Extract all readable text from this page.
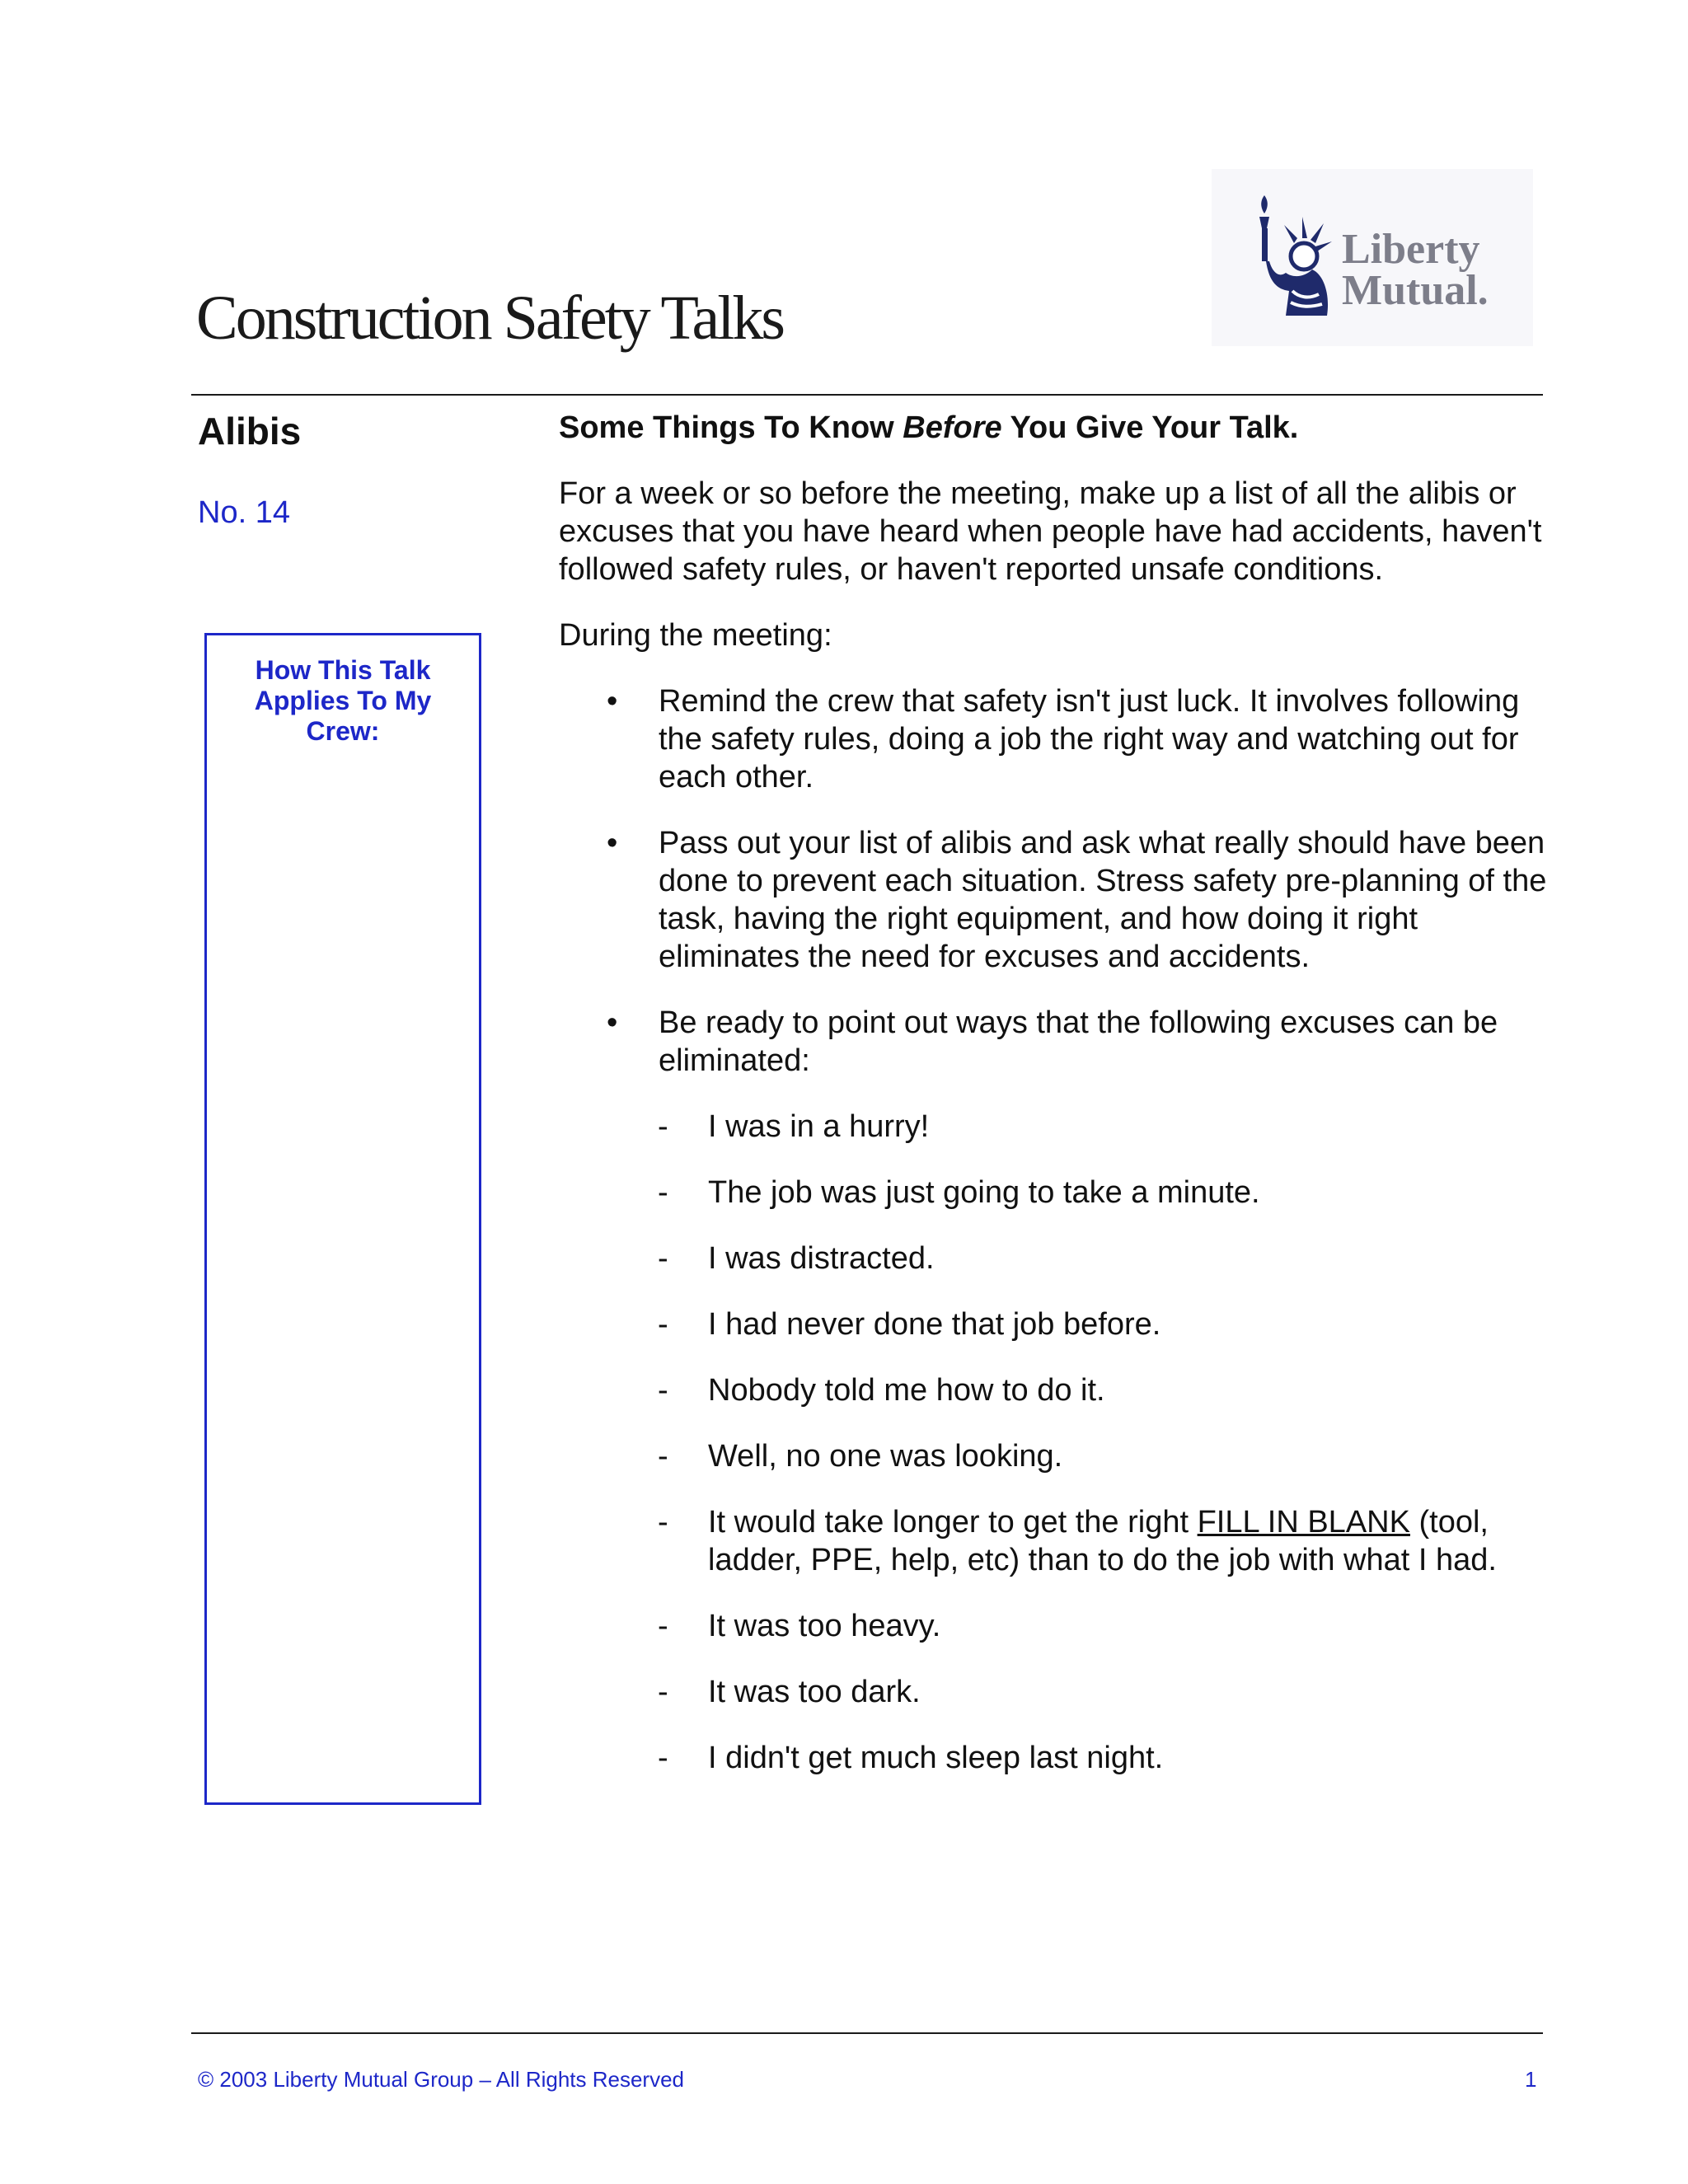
Construction Safety Talks
Liberty
Mutual.
Alibis
No. 14
How This Talk Applies To My Crew:

Some Things To Know Before You Give Your Talk.

For a week or so before the meeting, make up a list of all the alibis or excuses that you have heard when people have had accidents, haven't followed safety rules, or haven't reported unsafe conditions.

During the meeting:

• Remind the crew that safety isn't just luck. It involves following the safety rules, doing a job the right way and watching out for each other.
• Pass out your list of alibis and ask what really should have been done to prevent each situation. Stress safety pre-planning of the task, having the right equipment, and how doing it right eliminates the need for excuses and accidents.
• Be ready to point out ways that the following excuses can be eliminated:
- I was in a hurry!
- The job was just going to take a minute.
- I was distracted.
- I had never done that job before.
- Nobody told me how to do it.
- Well, no one was looking.
- It would take longer to get the right FILL IN BLANK (tool, ladder, PPE, help, etc) than to do the job with what I had.
- It was too heavy.
- It was too dark.
- I didn't get much sleep last night.
© 2003 Liberty Mutual Group – All Rights Reserved	1
